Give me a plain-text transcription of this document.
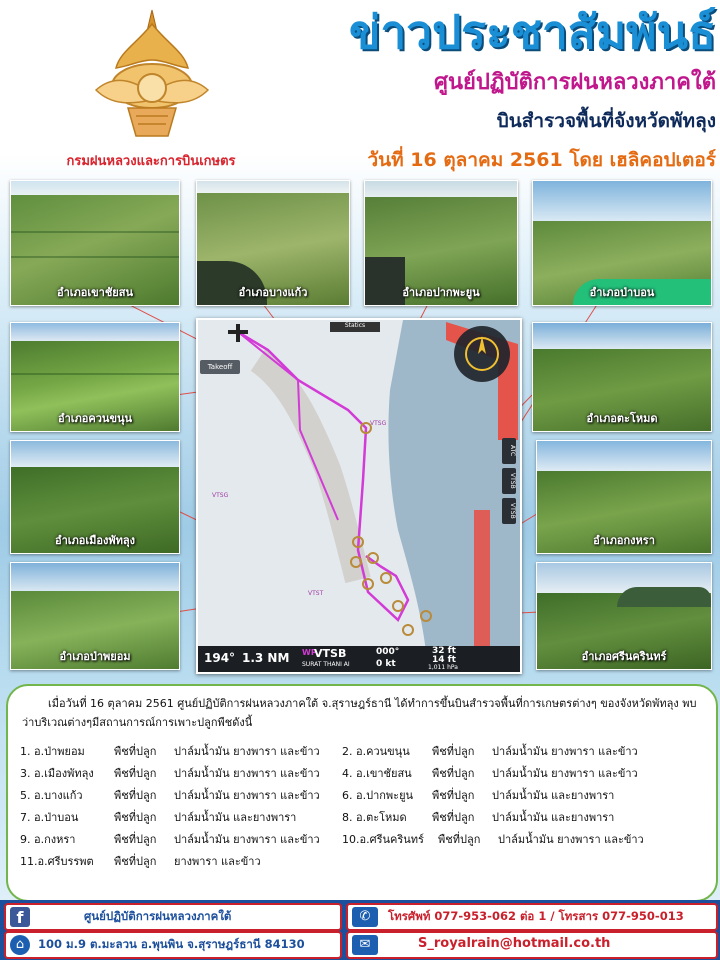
กรมฝนหลวงและการบินเกษตร
ข่าวประชาสัมพันธ์
ศูนย์ปฏิบัติการฝนหลวงภาคใต้
บินสำรวจพื้นที่จังหวัดพัทลุง
วันที่ 16 ตุลาคม 2561 โดย เฮลิคอปเตอร์
อำเภอเขาชัยสน	อำเภอบางแก้ว	อำเภอปากพะยูน	อำเภอป่าบอน
อำเภอควนขนุน	อำเภอตะโหมด
อำเภอเมืองพัทลุง	อำเภอกงหรา
อำเภอป่าพยอม	อำเภอศรีนครินทร์
Takeoff
Statics
VTSG
VTSG
VTST
ATC
VTSB
VTSB
194° 1.3 NM WP
VTSB
SURAT THANI AI
000°
0 kt
32 ft
14 ft
1,011 hPa
เมื่อวันที่ 16 ตุลาคม 2561 ศูนย์ปฏิบัติการฝนหลวงภาคใต้ จ.สุราษฎร์ธานี ได้ทำการขึ้นบินสำรวจพื้นที่การเกษตรต่างๆ ของจังหวัดพัทลุง พบว่าบริเวณต่างๆมีสถานการณ์การเพาะปลูกพืชดังนี้
1. อ.ป่าพยอม	พืชที่ปลูก ปาล์มน้ำมัน ยางพารา และข้าว 2. อ.ควนขนุน พืชที่ปลูก ปาล์มน้ำมัน ยางพารา และข้าว
3. อ.เมืองพัทลุง พืชที่ปลูก ปาล์มน้ำมัน ยางพารา และข้าว 4. อ.เขาชัยสน พืชที่ปลูก ปาล์มน้ำมัน ยางพารา และข้าว
5. อ.บางแก้ว	พืชที่ปลูก ปาล์มน้ำมัน ยางพารา และข้าว 6. อ.ปากพะยูน พืชที่ปลูก ปาล์มน้ำมัน และยางพารา
7. อ.ป่าบอน	พืชที่ปลูก ปาล์มน้ำมัน และยางพารา	8. อ.ตะโหมด พืชที่ปลูก ปาล์มน้ำมัน และยางพารา
9. อ.กงหรา	พืชที่ปลูก ปาล์มน้ำมัน ยางพารา และข้าว 10.อ.ศรีนครินทร์ พืชที่ปลูก ปาล์มน้ำมัน ยางพารา และข้าว
11.อ.ศรีบรรพต พืชที่ปลูก ยางพารา และข้าว
f	ศูนย์ปฏิบัติการฝนหลวงภาคใต้	✆	โทรศัพท์ 077-953-062 ต่อ 1 / โทรสาร 077-950-013
⌂	100 ม.9 ต.มะลวน อ.พุนพิน จ.สุราษฎร์ธานี 84130	✉	S_royalrain@hotmail.co.th
